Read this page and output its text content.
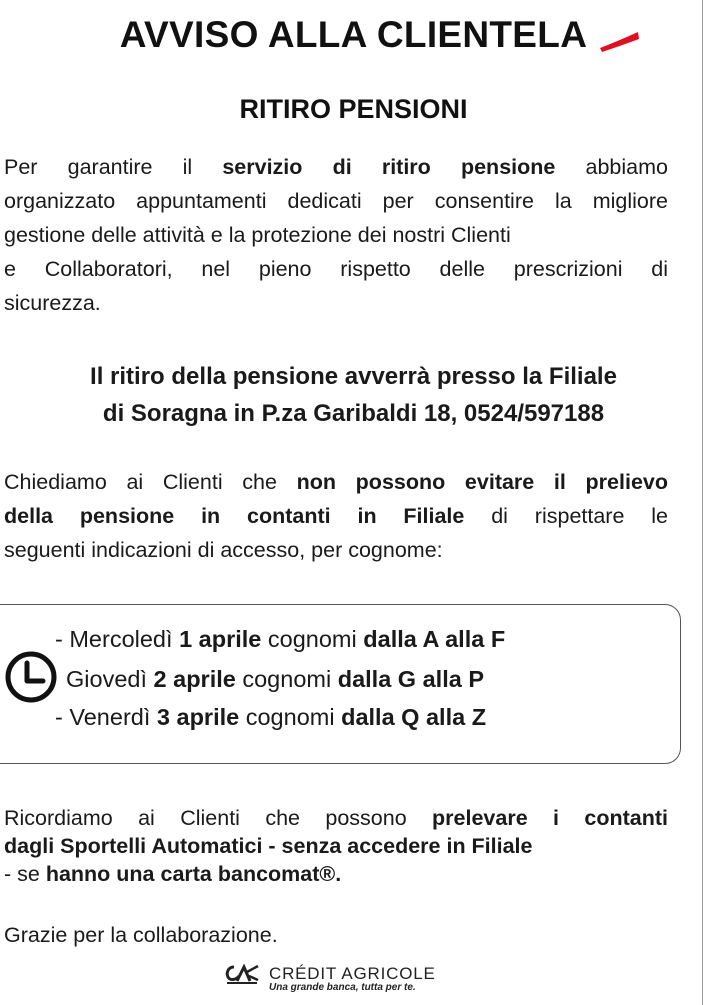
AVVISO ALLA CLIENTELA
RITIRO PENSIONI
Per garantire il servizio di ritiro pensione abbiamo
organizzato appuntamenti dedicati per consentire la migliore
gestione delle attività e la protezione dei nostri Clienti
e Collaboratori, nel pieno rispetto delle prescrizioni di
sicurezza.
Il ritiro della pensione avverrà presso la Filiale
di Soragna in P.za Garibaldi 18, 0524/597188
Chiediamo ai Clienti che non possono evitare il prelievo
della pensione in contanti in Filiale di rispettare le
seguenti indicazioni di accesso, per cognome:
- Mercoledì 1 aprile cognomi dalla A alla F
Giovedì 2 aprile cognomi dalla G alla P
- Venerdì 3 aprile cognomi dalla Q alla Z
Ricordiamo ai Clienti che possono prelevare i contanti
dagli Sportelli Automatici - senza accedere in Filiale
- se hanno una carta bancomat®.
Grazie per la collaborazione.
CRÉDIT AGRICOLE
Una grande banca, tutta per te.
